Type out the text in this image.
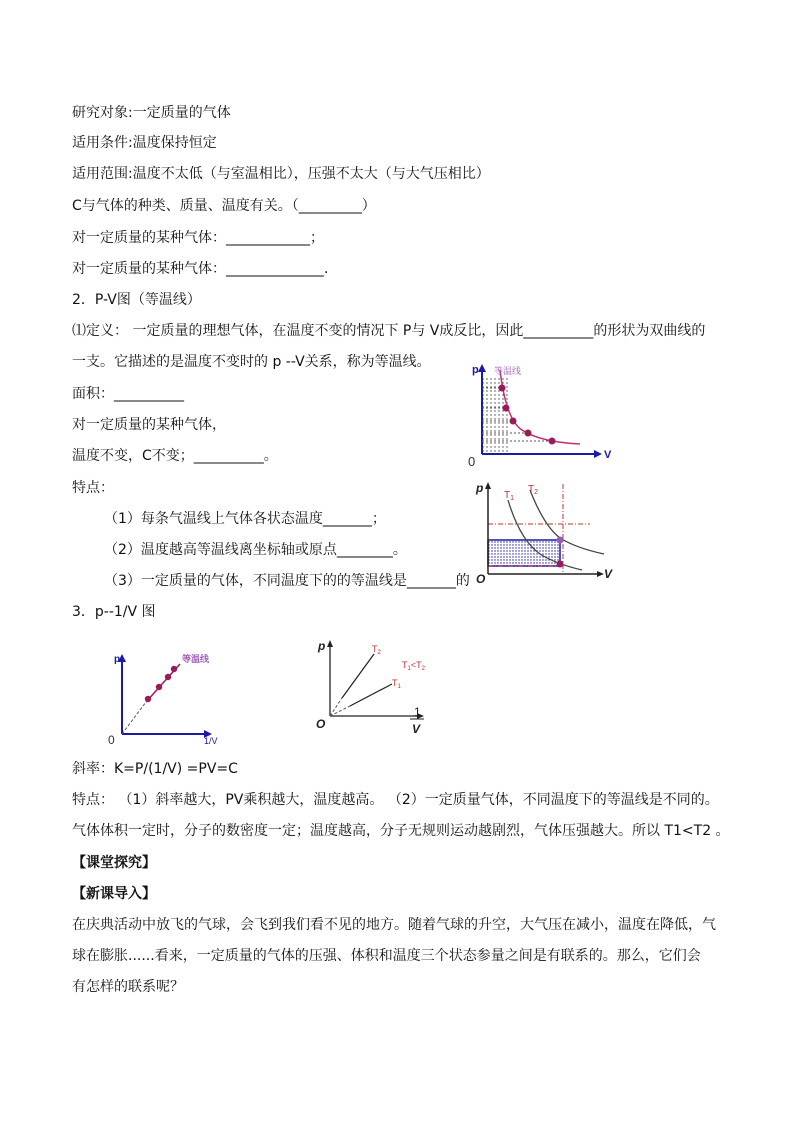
研究对象:一定质量的气体
适用条件:温度保持恒定
适用范围:温度不太低（与室温相比），压强不太大（与大气压相比）
C与气体的种类、质量、温度有关。（_________）
对一定质量的某种气体：____________；
对一定质量的某种气体：______________.
2．P-V图（等温线）
⑴定义： 一定质量的理想气体，在温度不变的情况下 P与 V成反比，因此__________的形状为双曲线的
一支。它描述的是温度不变时的 p --V关系，称为等温线。
面积：__________
对一定质量的某种气体，
温度不变，C不变；__________。
特点：
（1）每条气温线上气体各状态温度_______；
（2）温度越高等温线离坐标轴或原点________。
（3）一定质量的气体，不同温度下的的等温线是_______的
3．p--1/V 图
斜率：K=P/(1/V) =PV=C
特点： （1）斜率越大，PV乘积越大，温度越高。 （2）一定质量气体，不同温度下的等温线是不同的。
气体体积一定时，分子的数密度一定；温度越高，分子无规则运动越剧烈，气体压强越大。所以 T1<T2 。
【课堂探究】
【新课导入】
在庆典活动中放飞的气球，会飞到我们看不见的地方。随着气球的升空，大气压在减小，温度在降低，气
球在膨胀......看来，一定质量的气体的压强、体积和温度三个状态参量之间是有联系的。那么，它们会
有怎样的联系呢？
p
V
0
等温线
p
V
O
$T_1$
$T_2$
p
1/V
0
等温线
p
O
1
V
$T_2$
$T_1$
$T_1<T_2$
